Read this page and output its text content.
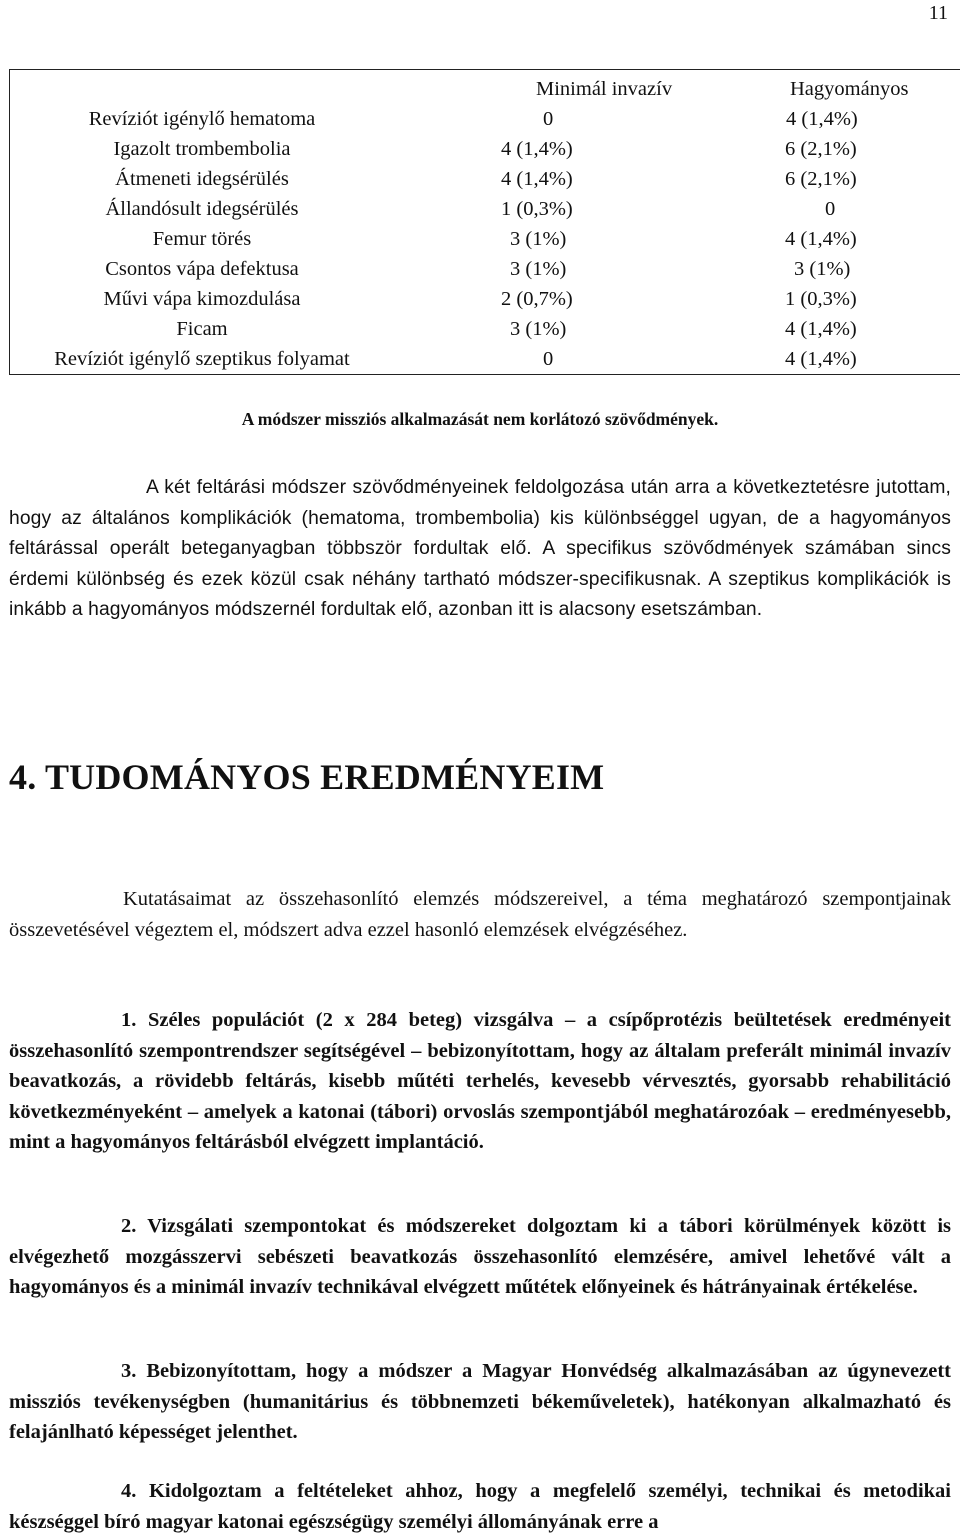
11
	Minimál invazív	Hagyományos
Revíziót igénylő hematoma	0	4 (1,4%)
Igazolt trombembolia	4 (1,4%)	6 (2,1%)
Átmeneti idegsérülés	4 (1,4%)	6 (2,1%)
Állandósult idegsérülés	1 (0,3%)	0
Femur törés	3 (1%)	4 (1,4%)
Csontos vápa defektusa	3 (1%)	3 (1%)
Művi vápa kimozdulása	2 (0,7%)	1 (0,3%)
Ficam	3 (1%)	4 (1,4%)
Revíziót igénylő szeptikus folyamat	0	4 (1,4%)
A módszer missziós alkalmazását nem korlátozó szövődmények.

A két feltárási módszer szövődményeinek feldolgozása után arra a következtetésre jutottam, hogy az általános komplikációk (hematoma, trombembolia) kis különbséggel ugyan, de a hagyományos feltárással operált beteganyagban többször fordultak elő. A specifikus szövődmények számában sincs érdemi különbség és ezek közül csak néhány tartható módszer-specifikusnak. A szeptikus komplikációk is inkább a hagyományos módszernél fordultak elő, azonban itt is alacsony esetszámban.

4. TUDOMÁNYOS EREDMÉNYEIM

Kutatásaimat az összehasonlító elemzés módszereivel, a téma meghatározó szempontjainak összevetésével végeztem el, módszert adva ezzel hasonló elemzések elvégzéséhez.

1. Széles populációt (2 x 284 beteg) vizsgálva – a csípőprotézis beültetések eredményeit összehasonlító szempontrendszer segítségével – bebizonyítottam, hogy az általam preferált minimál invazív beavatkozás, a rövidebb feltárás, kisebb műtéti terhelés, kevesebb vérvesztés, gyorsabb rehabilitáció következményeként – amelyek a katonai (tábori) orvoslás szempontjából meghatározóak – eredményesebb, mint a hagyományos feltárásból elvégzett implantáció.

2. Vizsgálati szempontokat és módszereket dolgoztam ki a tábori körülmények között is elvégezhető mozgásszervi sebészeti beavatkozás összehasonlító elemzésére, amivel lehetővé vált a hagyományos és a minimál invazív technikával elvégzett műtétek előnyeinek és hátrányainak értékelése.

3. Bebizonyítottam, hogy a módszer a Magyar Honvédség alkalmazásában az úgynevezett missziós tevékenységben (humanitárius és többnemzeti békeműveletek), hatékonyan alkalmazható és felajánlható képességet jelenthet.

4. Kidolgoztam a feltételeket ahhoz, hogy a megfelelő személyi, technikai és metodikai készséggel bíró magyar katonai egészségügy személyi állományának erre a
